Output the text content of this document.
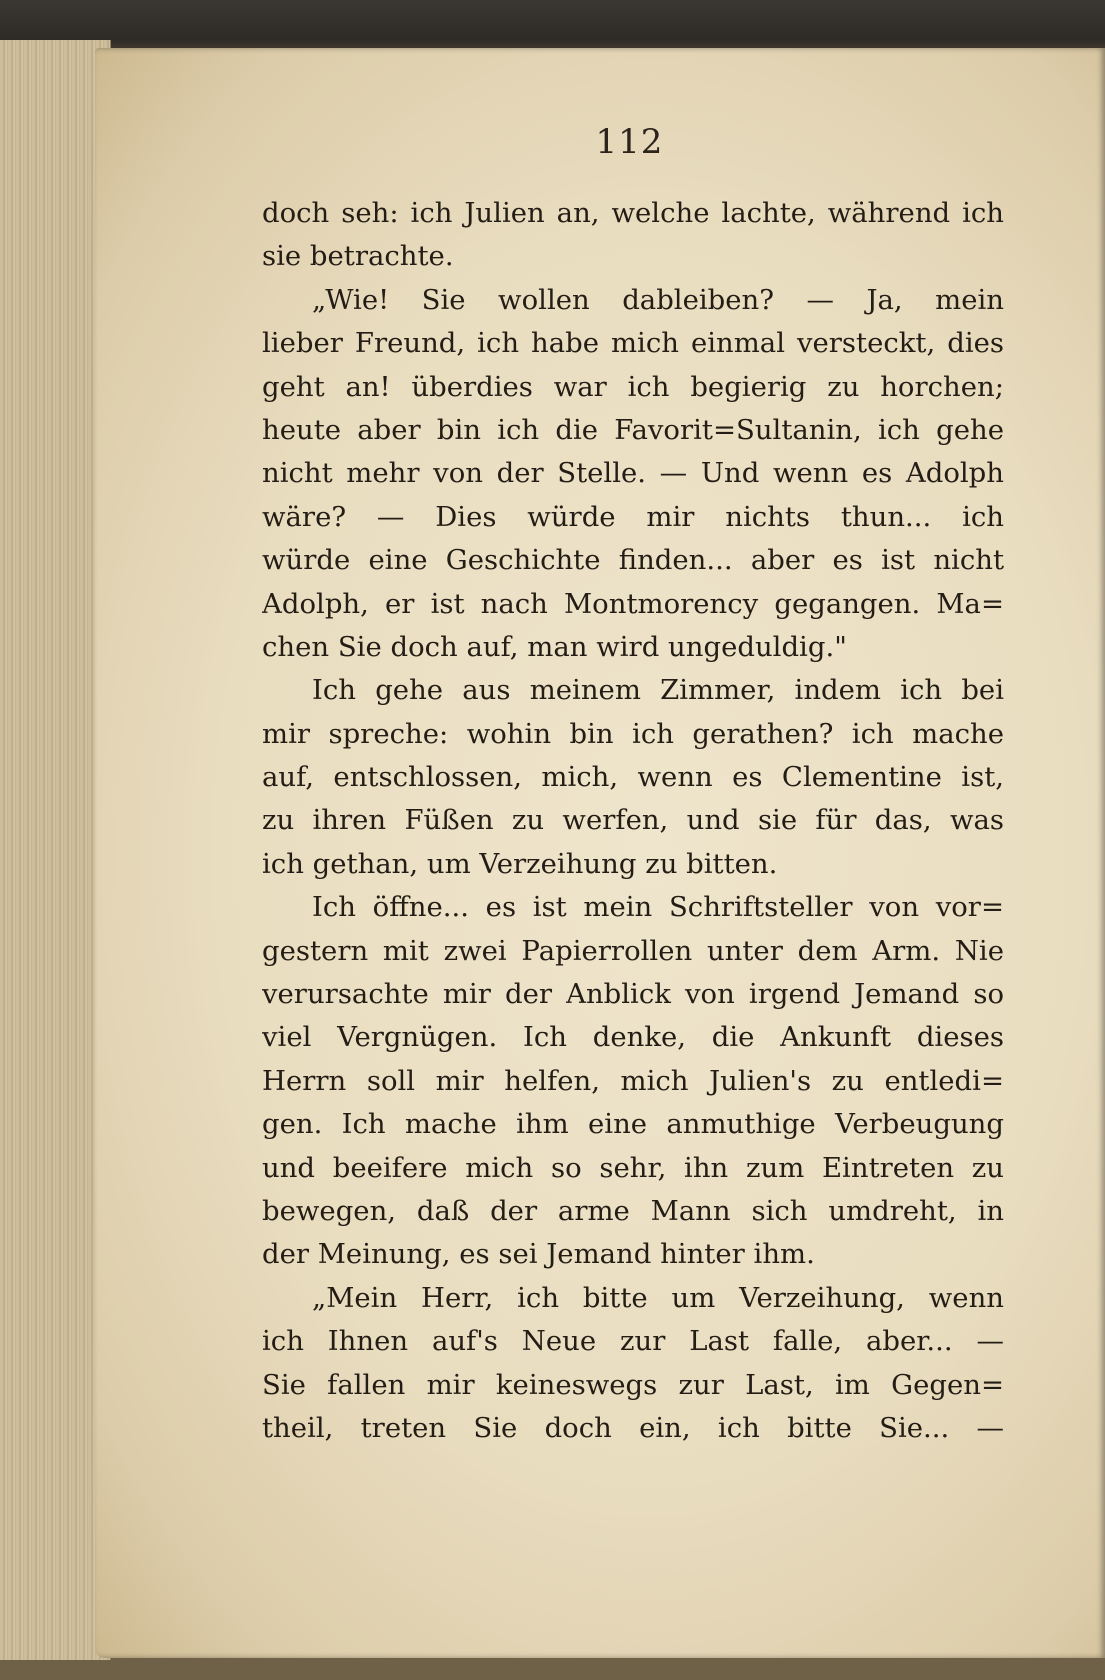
112
doch seh: ich Julien an, welche lachte, während ich
sie betrachte.
„Wie! Sie wollen dableiben? — Ja, mein
lieber Freund, ich habe mich einmal versteckt, dies
geht an! überdies war ich begierig zu horchen;
heute aber bin ich die Favorit=Sultanin, ich gehe
nicht mehr von der Stelle. — Und wenn es Adolph
wäre? — Dies würde mir nichts thun... ich
würde eine Geschichte finden... aber es ist nicht
Adolph, er ist nach Montmorency gegangen. Ma=
chen Sie doch auf, man wird ungeduldig."
Ich gehe aus meinem Zimmer, indem ich bei
mir spreche: wohin bin ich gerathen? ich mache
auf, entschlossen, mich, wenn es Clementine ist,
zu ihren Füßen zu werfen, und sie für das, was
ich gethan, um Verzeihung zu bitten.
Ich öffne... es ist mein Schriftsteller von vor=
gestern mit zwei Papierrollen unter dem Arm. Nie
verursachte mir der Anblick von irgend Jemand so
viel Vergnügen. Ich denke, die Ankunft dieses
Herrn soll mir helfen, mich Julien's zu entledi=
gen. Ich mache ihm eine anmuthige Verbeugung
und beeifere mich so sehr, ihn zum Eintreten zu
bewegen, daß der arme Mann sich umdreht, in
der Meinung, es sei Jemand hinter ihm.
„Mein Herr, ich bitte um Verzeihung, wenn
ich Ihnen auf's Neue zur Last falle, aber... —
Sie fallen mir keineswegs zur Last, im Gegen=
theil, treten Sie doch ein, ich bitte Sie... —
